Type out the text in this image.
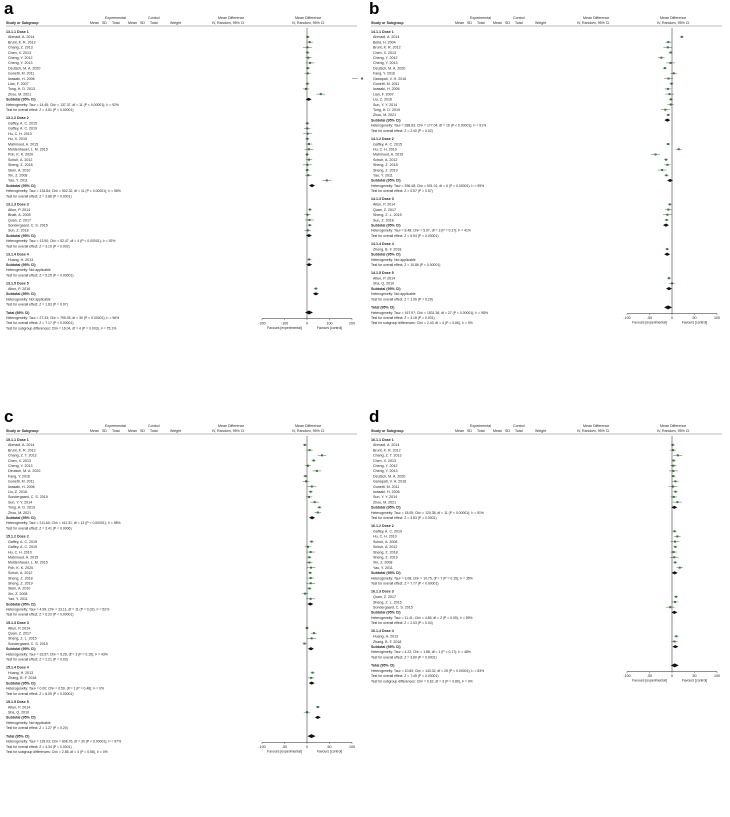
a	Experimental	Control	Mean Difference	Mean Difference
Study or Subgroup	Mean SD Total Mean SD Total	Weight	IV, Random, 95% CI	IV, Random, 95% CI
13.1.1 Dose 1
Ahmadi, A. 2014
Brunt, K. R. 2012
Chang, Z. 2013
Chen, X. 2013
Cheng, Y. 2012
Cheng, Y. 2013
Deutsch, M. A. 2020
Gunetti, M. 2011
Iwasaki, H. 2006
Lian, F. 2007
Tong, H. D. 2013
Zhou, M. 2021
Subtotal (95% CI)
Heterogeneity: Tau² = 14.45; Chi² = 137.37, df = 11 (P < 0.00001); I² = 92%
Test for overall effect: Z = 4.51 (P < 0.00001)
13.1.2 Dose 2
Gaffey, A. C. 2015
Gaffey, A. C. 2019
Hu, C. H. 2010
Hu, X. 2015
Mahmoud, A. 2015
Moldenhauer, L. M. 2015
Poh, K. K. 2020
Schuh, A. 2012
Sheng, Z. 2018
Stein, A. 2010
Xin, Z. 2008
Yao, Y. 2011
Subtotal (95% CI)
Heterogeneity: Tau² = 134.84; Chi² = 502.32, df = 11 (P < 0.00001); I² = 98%
Test for overall effect: Z = 3.88 (P = 0.0001)
13.1.3 Dose 3
Altun, P. 2014
Bhatt, A. 2005
Quan, Z. 2017
Sondergaard, C. S. 2015
Sun, Z. 2018
Subtotal (95% CI)
Heterogeneity: Tau² = 13.90; Chi² = 52.47, df = 4 (P < 0.00001); I² = 92%
Test for overall effect: Z = 3.10 (P = 0.002)
13.1.4 Dose 4
Huang, H. 2013
Subtotal (95% CI)
Heterogeneity: Not applicable
Test for overall effect: Z = 5.25 (P < 0.00001)
13.1.5 Dose 5
Altun, P. 2016
Subtotal (95% CI)
Heterogeneity: Not applicable
Test for overall effect: Z = 1.83 (P = 0.07)
Total (95% CI)
Heterogeneity: Tau² = 27.43; Chi² = 795.05, df = 30 (P < 0.00001); I² = 96%
Test for overall effect: Z = 7.17 (P < 0.00001)
Test for subgroup differences: Chi² = 16.04, df = 4 (P = 0.003), I² = 75.1%
-200	-100	0	100	200
Favours [experimental]	Favours [control]
b	Experimental	Control	Mean Difference	Mean Difference
Study or Subgroup	Mean SD Total Mean SD Total	Weight	IV, Random, 95% CI	IV, Random, 95% CI
14.1.1 Dose 1
Ahmadi, A. 2014
Bella, H. 2004
Brunt, K. R. 2012
Chen, X. 2013
Cheng, Y. 2012
Cheng, Y. 2013
Deutsch, M. A. 2020
Fang, Y. 2016
Ganapati, V. H. 2016
Gunetti, M. 2011
Iwasaki, H. 2006
Lian, F. 2007
Liu, Z. 2016
Sun, Y. Y. 2014
Tong, H. D. 2019
Zhou, M. 2021
Subtotal (95% CI)
Heterogeneity: Tau² = 288.83; Chi² = 177.04, df = 16 (P < 0.00001); I² = 91%
Test for overall effect: Z = 2.40 (P = 0.02)
14.1.2 Dose 2
Gaffey, A. C. 2015
Hu, C. H. 2010
Mahmoud, A. 2015
Schuh, A. 2012
Sheng, Z. 2018
Sheng, Z. 2019
Yao, Y. 2011
Subtotal (95% CI)
Heterogeneity: Tau² = 396.48; Chi² = 501.01, df = 6 (P < 0.00001); I² = 99%
Test for overall effect: Z = 0.57 (P = 0.57)
14.1.3 Dose 3
Altun, P. 2014
Quan, Z. 2017
Sheng, Z. L. 2015
Sun, Z. 2018
Subtotal (95% CI)
Heterogeneity: Tau² = 8.48; Chi² = 5.07, df = 3 (P = 0.17); I² = 41%
Test for overall effect: Z = 5.94 (P < 0.00001)
14.1.4 Dose 4
Zheng, B. F. 2018
Subtotal (95% CI)
Heterogeneity: Not applicable
Test for overall effect: Z = 10.86 (P < 0.00001)
14.1.5 Dose 5
Altun, P. 2014
Sha, Q. 2010
Subtotal (95% CI)
Heterogeneity: Not applicable
Test for overall effect: Z = 1.06 (P = 0.29)
Total (95% CI)
Heterogeneity: Tau² = 167.97; Chi² = 1531.36, df = 27 (P < 0.00001); I² = 98%
Test for overall effect: Z = 3.18 (P = 0.001)
Test for subgroup differences: Chi² = 2.43, df = 4 (P = 0.66), I² = 0%
-100	-50	0	50	100
Favours [experimental]	Favours [control]
c	Experimental	Control	Mean Difference	Mean Difference
Study or Subgroup	Mean SD Total Mean SD Total	Weight	IV, Random, 95% CI	IV, Random, 95% CI
15.1.1 Dose 1
Ahmadi, A. 2014
Brunt, K. R. 2012
Chang, Z. T. 2013
Chen, X. 2013
Cheng, Y. 2013
Deutsch, M. A. 2020
Fang, Y. 2016
Gunetti, M. 2011
Iwasaki, H. 2006
Liu, Z. 2016
Sondergaard, C. S. 2015
Sun, Y. Y. 2014
Tong, H. D. 2019
Zhou, M. 2021
Subtotal (95% CI)
Heterogeneity: Tau² = 211.60; Chi² = 411.31, df = 13 (P < 0.00001); I² = 98%
Test for overall effect: Z = 3.41 (P = 0.0006)
15.1.2 Dose 2
Gaffey, A. C. 2015
Gaffey, A. C. 2019
Hu, C. H. 2010
Mahmoud, A. 2015
Moldenhauer, L. M. 2015
Poh, K. K. 2020
Schuh, A. 2012
Sheng, Z. 2018
Sheng, Z. 2019
Stein, A. 2010
Xin, Z. 2008
Yao, Y. 2011
Subtotal (95% CI)
Heterogeneity: Tau² = 4.99; Chi² = 23.11, df = 11 (P = 0.02); I² = 52%
Test for overall effect: Z = 6.20 (P < 0.00001)
15.1.3 Dose 3
Altun, P. 2014
Quan, Z. 2017
Sheng, Z. L. 2015
Sondergaard, C. S. 2015
Subtotal (95% CI)
Heterogeneity: Tau² = 33.57; Chi² = 5.28, df = 3 (P = 0.15); I² = 43%
Test for overall effect: Z = 2.21 (P = 0.03)
15.1.4 Dose 4
Huang, H. 2013
Zhang, B. F. 2018
Subtotal (95% CI)
Heterogeneity: Tau² = 0.00; Chi² = 0.50, df = 1 (P = 0.48); I² = 0%
Test for overall effect: Z = 6.05 (P < 0.00001)
15.1.5 Dose 5
Altun, P. 2014
Sha, Q. 2010
Subtotal (95% CI)
Heterogeneity: Not applicable
Test for overall effect: Z = 1.27 (P = 0.20)
Total (95% CI)
Heterogeneity: Tau² = 139.03; Chi² = 808.76, df = 30 (P < 0.00001); I² = 97%
Test for overall effect: Z = 4.34 (P < 0.0001)
Test for subgroup differences: Chi² = 2.85, df = 4 (P = 0.58), I² = 0%
-100	-50	0	50	100
Favours [experimental]	Favours [control]
d	Experimental	Control	Mean Difference	Mean Difference
Study or Subgroup	Mean SD Total Mean SD Total	Weight	IV, Random, 95% CI	IV, Random, 95% CI
16.1.1 Dose 1
Ahmadi, A. 2014
Brunt, K. R. 2012
Chang, Z. T. 2013
Chen, X. 2013
Cheng, Y. 2012
Cheng, Y. 2013
Deutsch, M. A. 2020
Ganapati, V. H. 2016
Gunetti, M. 2011
Iwasaki, H. 2006
Sun, Y. Y. 2014
Zhou, M. 2021
Subtotal (95% CI)
Heterogeneity: Tau² = 18.05; Chi² = 120.38, df = 11 (P < 0.00001); I² = 91%
Test for overall effect: Z = 3.83 (P = 0.0001)
16.1.2 Dose 2
Gaffey, A. C. 2019
Hu, C. H. 2010
Schuh, A. 2008
Schuh, A. 2012
Sheng, Z. 2018
Sheng, Z. 2019
Xin, Z. 2008
Yao, Y. 2011
Subtotal (95% CI)
Heterogeneity: Tau² = 3.08; Chi² = 10.75, df = 7 (P = 0.15); I² = 35%
Test for overall effect: Z = 7.77 (P < 0.00001)
16.1.3 Dose 3
Quan, Z. 2017
Sheng, Z. L. 2015
Sondergaard, C. S. 2015
Subtotal (95% CI)
Heterogeneity: Tau² = 11.41; Chi² = 4.85, df = 2 (P = 0.09); I² = 59%
Test for overall effect: Z = 2.03 (P = 0.04)
16.1.4 Dose 4
Huang, H. 2013
Zhang, B. F. 2018
Subtotal (95% CI)
Heterogeneity: Tau² = 4.22; Chi² = 1.88, df = 1 (P = 0.17); I² = 48%
Test for overall effect: Z = 3.80 (P = 0.0001)
Total (95% CI)
Heterogeneity: Tau² = 10.83; Chi² = 143.32, df = 25 (P < 0.00001); I² = 83%
Test for overall effect: Z = 7.45 (P < 0.00001)
Test for subgroup differences: Chi² = 0.62, df = 3 (P = 0.89), I² = 0%
-100	-50	0	50	100
Favours [experimental]	Favours [control]
